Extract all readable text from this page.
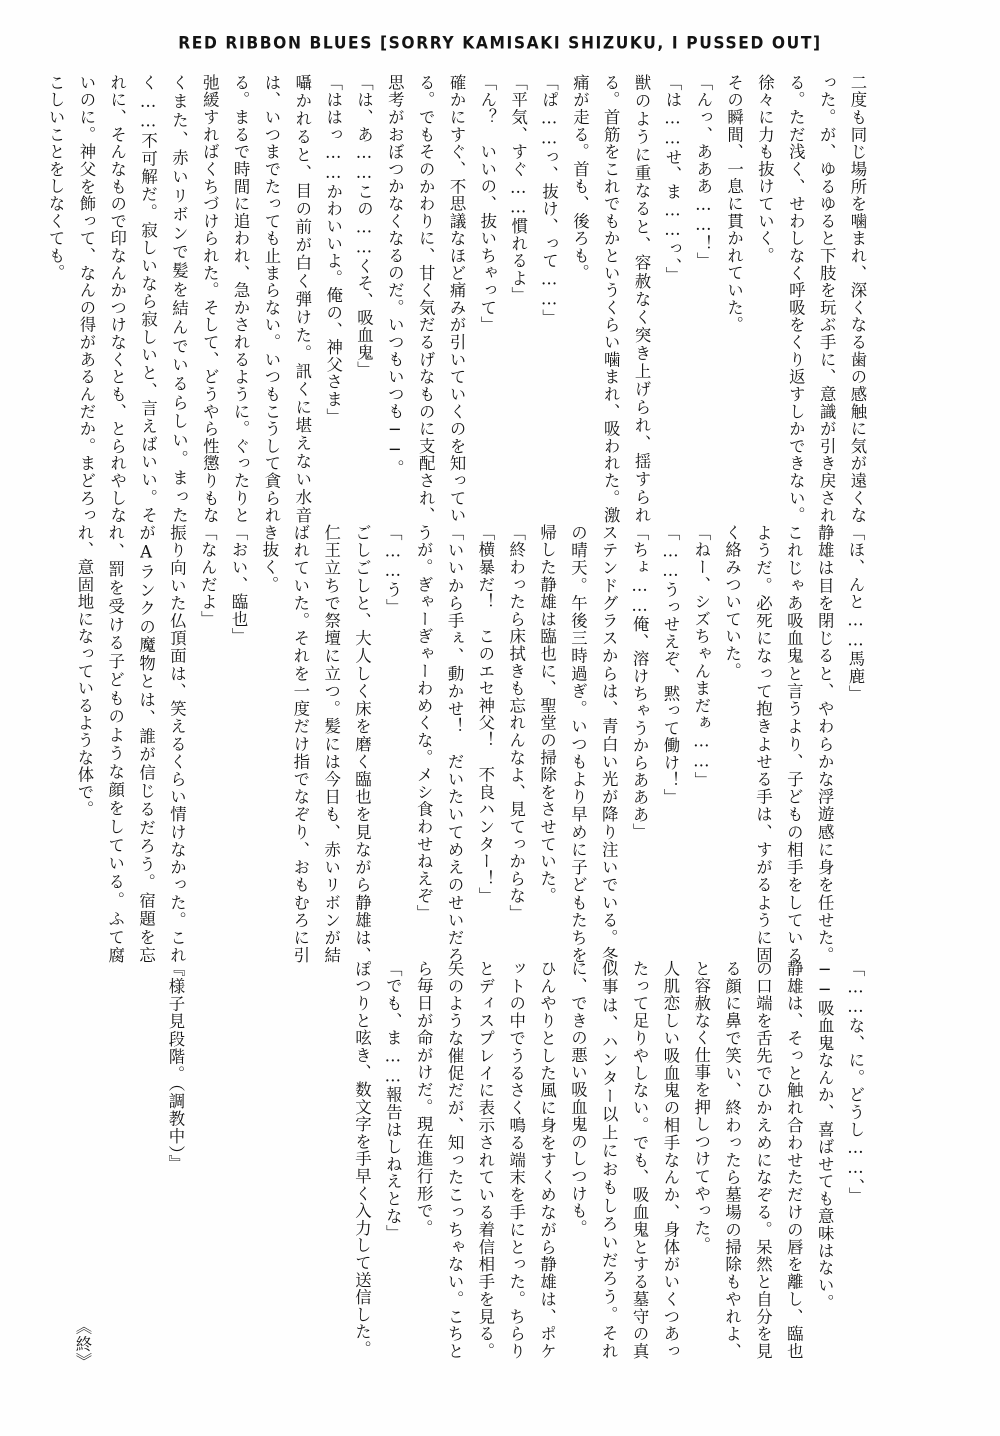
RED RIBBON BLUES [SORRY KAMISAKI SHIZUKU, I PUSSED OUT]
二度も同じ場所を噛まれ、深くなる歯の感触に気が遠くなった。が、ゆるゆると下肢を玩ぶ手に、意識が引き戻される。ただ浅く、せわしなく呼吸をくり返すしかできない。徐々に力も抜けていく。
その瞬間、一息に貫かれていた。
「んっ、あああ……！」
「は……せ、ま……っ、」
獣のように重なると、容赦なく突き上げられ、揺すられる。首筋をこれでもかというくらい噛まれ、吸われた。激痛が走る。首も、後ろも。
「ぱ……っ、抜け、って……」
「平気、すぐ……慣れるよ」
「ん？　いいの、抜いちゃって」
確かにすぐ、不思議なほど痛みが引いていくのを知っている。でもそのかわりに、甘く気だるげなものに支配され、思考がおぼつかなくなるのだ。いつもいつも──。
「は、あ……この……くそ、吸血鬼」
「ははっ……かわいいよ。俺の、神父さま」
囁かれると、目の前が白く弾けた。訊くに堪えない水音は、いつまでたっても止まらない。いつもこうして貪られる。まるで時間に追われ、急かされるように。ぐったりと弛緩すればくちづけられた。そして、どうやら性懲りもなくまた、赤いリボンで髪を結んでいるらしい。まったく……不可解だ。寂しいなら寂しいと、言えばいい。それに、そんなもので印なんかつけなくとも、とられやしないのに。神父を飾って、なんの得があるんだか。まどろっこしいことをしなくても。
「ほ、んと……馬鹿」
静雄は目を閉じると、やわらかな浮遊感に身を任せた。これじゃあ吸血鬼と言うより、子どもの相手をしているようだ。必死になって抱きよせる手は、すがるように固く絡みついていた。
「ねー、シズちゃんまだぁ……」
「……うっせえぞ、黙って働け！」
「ちょ……俺、溶けちゃうからあああ」
ステンドグラスからは、青白い光が降り注いでいる。冬の晴天。午後三時過ぎ。いつもより早めに子どもたちを帰した静雄は臨也に、聖堂の掃除をさせていた。
「終わったら床拭きも忘れんなよ、見てっからな」
「横暴だ！　このエセ神父！　不良ハンター！」
「いいから手ぇ、動かせ！　だいたいてめえのせいだろうが。ぎゃーぎゃーわめくな。メシ食わせねえぞ」
「……う」
ごしごしと、大人しく床を磨く臨也を見ながら静雄は、仁王立ちで祭壇に立つ。髪には今日も、赤いリボンが結ばれていた。それを一度だけ指でなぞり、おもむろに引き抜く。
「おい、臨也」
「なんだよ」
振り向いた仏頂面は、笑えるくらい情けなかった。これがAランクの魔物とは、誰が信じるだろう。宿題を忘れ、罰を受ける子どものような顔をしている。ふて腐れ、意固地になっているような体で。
「……な、に。どうし……、」
──吸血鬼なんか、喜ばせても意味はない。
静雄は、そっと触れ合わせただけの唇を離し、臨也の口端を舌先でひかえめになぞる。呆然と自分を見る顔に鼻で笑い、終わったら墓場の掃除もやれよ、と容赦なく仕事を押しつけてやった。
人肌恋しい吸血鬼の相手なんか、身体がいくつあったって足りやしない。でも、吸血鬼とする墓守の真似事は、ハンター以上におもしろいだろう。それに、できの悪い吸血鬼のしつけも。
ひんやりとした風に身をすくめながら静雄は、ポケットの中でうるさく鳴る端末を手にとった。ちらりとディスプレイに表示されている着信相手を見る。矢のような催促だが、知ったこっちゃない。こちとら毎日が命がけだ。現在進行形で。
「でも、ま……報告はしねえとな」
ぽつりと呟き、数文字を手早く入力して送信した。
『様子見段階。（調教中）』
《終》
